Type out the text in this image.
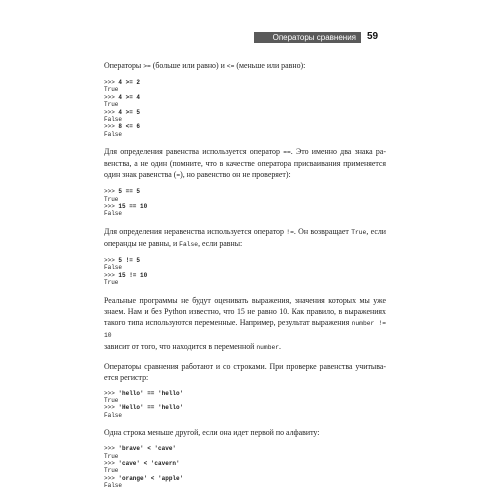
Операторы сравнения	59
Операторы >= (больше или равно) и <= (меньше или равно):
>>> 4 >= 2
True
>>> 4 >= 4
True
>>> 4 >= 5
False
>>> 8 <= 6
False
Для определения равенства используется оператор ==. Это именно два знака ра-
венства, а не один (помните, что в качестве оператора присваивания применяется
один знак равенства (=), но равенство он не проверяет):
>>> 5 == 5
True
>>> 15 == 10
False
Для определения неравенства используется оператор !=. Он возвращает True, если
операнды не равны, и False, если равны:
>>> 5 != 5
False
>>> 15 != 10
True
Реальные программы не будут оценивать выражения, значения которых мы уже
знаем. Нам и без Python известно, что 15 не равно 10. Как правило, в выражениях
такого типа используются переменные. Например, результат выражения number != 10
зависит от того, что находится в переменной number.
Операторы сравнения работают и со строками. При проверке равенства учитыва-
ется регистр:
>>> 'hello' == 'hello'
True
>>> 'Hello' == 'hello'
False
Одна строка меньше другой, если она идет первой по алфавиту:
>>> 'brave' < 'cave'
True
>>> 'cave' < 'cavern'
True
>>> 'orange' < 'apple'
False
